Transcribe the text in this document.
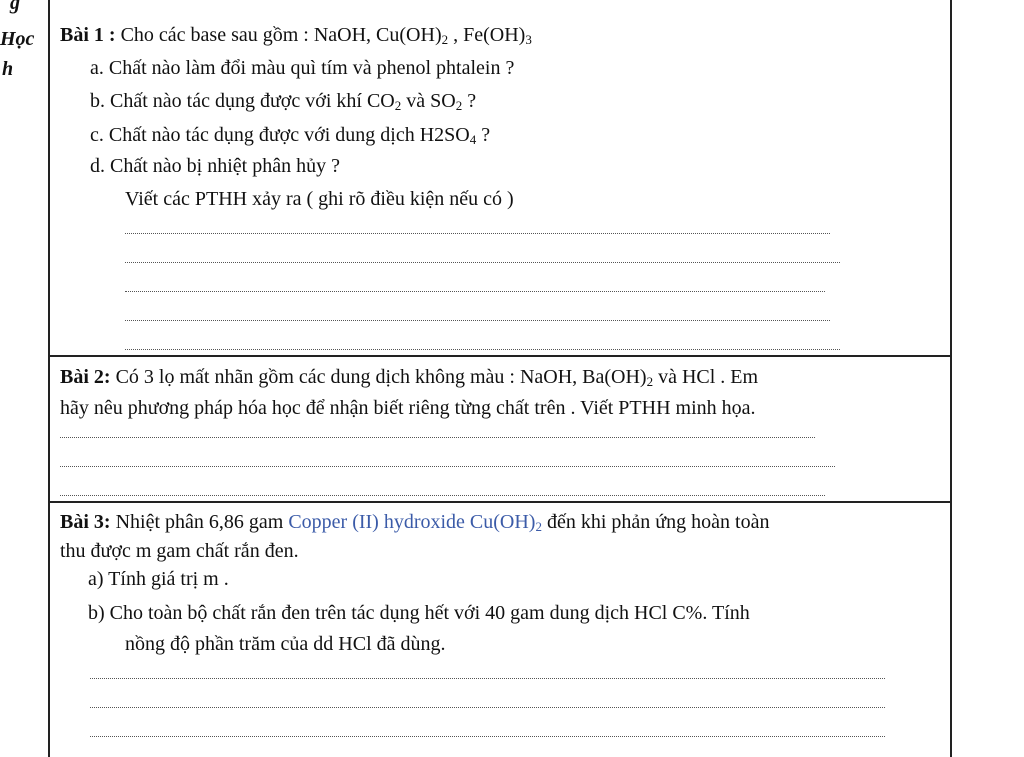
g
Học
h
Bài 1 : Cho các base sau gồm : NaOH, $Cu(OH)_2$ , $Fe(OH)_3$
a. Chất nào làm đổi màu quì tím và phenol phtalein ?
b. Chất nào tác dụng được với khí $CO_2$ và $SO_2$ ?
c. Chất nào tác dụng được với dung dịch $H2SO_4$ ?
d. Chất nào bị nhiệt phân hủy ?
Viết các PTHH xảy ra ( ghi rõ điều kiện nếu có )
Bài 2: Có 3 lọ mất nhãn gồm các dung dịch không màu : NaOH, $Ba(OH)_2$ và HCl . Em
hãy nêu phương pháp hóa học để nhận biết riêng từng chất trên . Viết PTHH minh họa.
Bài 3: Nhiệt phân 6,86 gam Copper (II) hydroxide $Cu(OH)_2$ đến khi phản ứng hoàn toàn
thu được m gam chất rắn đen.
a) Tính giá trị m .
b) Cho toàn bộ chất rắn đen trên tác dụng hết với 40 gam dung dịch HCl C%. Tính
nồng độ phần trăm của dd HCl đã dùng.
